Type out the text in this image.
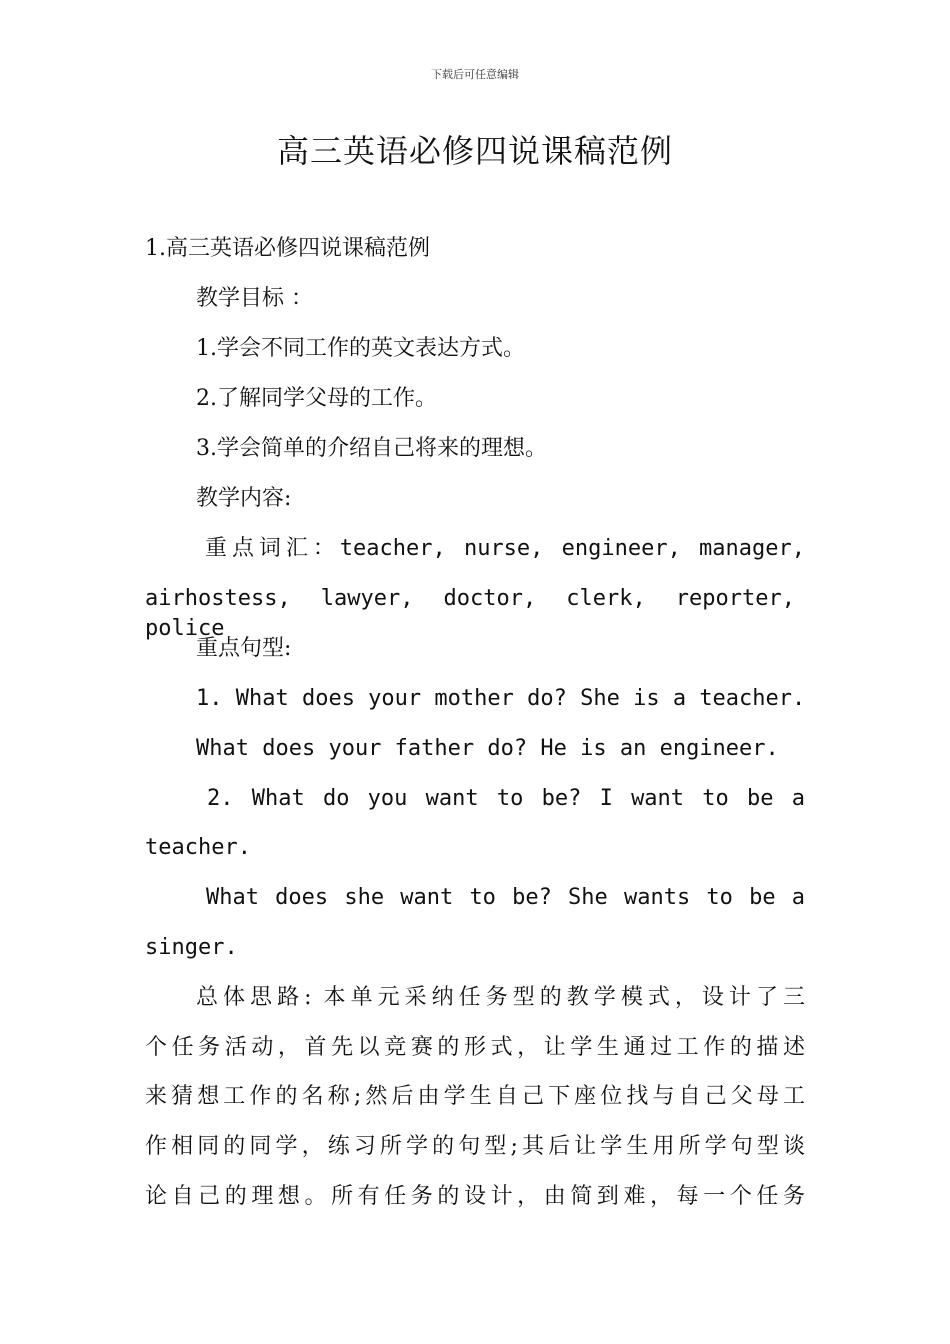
下载后可任意编辑
高三英语必修四说课稿范例
1.高三英语必修四说课稿范例
教学目标 ：
1.学会不同工作的英文表达方式。
2.了解同学父母的工作。
3.学会简单的介绍自己将来的理想。
教学内容:
重点词汇：teacher, nurse, engineer, manager,
airhostess, lawyer, doctor, clerk, reporter, police
重点句型:
1. What does your mother do? She is a teacher.
What does your father do? He is an engineer.
2. What do you want to be? I want to be a
teacher.
What does she want to be? She wants to be a
singer.
总体思路: 本单元采纳任务型的教学模式，设计了三
个任务活动，首先以竞赛的形式，让学生通过工作的描述
来猜想工作的名称;然后由学生自己下座位找与自己父母工
作相同的同学，练习所学的句型;其后让学生用所学句型谈
论自己的理想。所有任务的设计，由简到难，每一个任务
